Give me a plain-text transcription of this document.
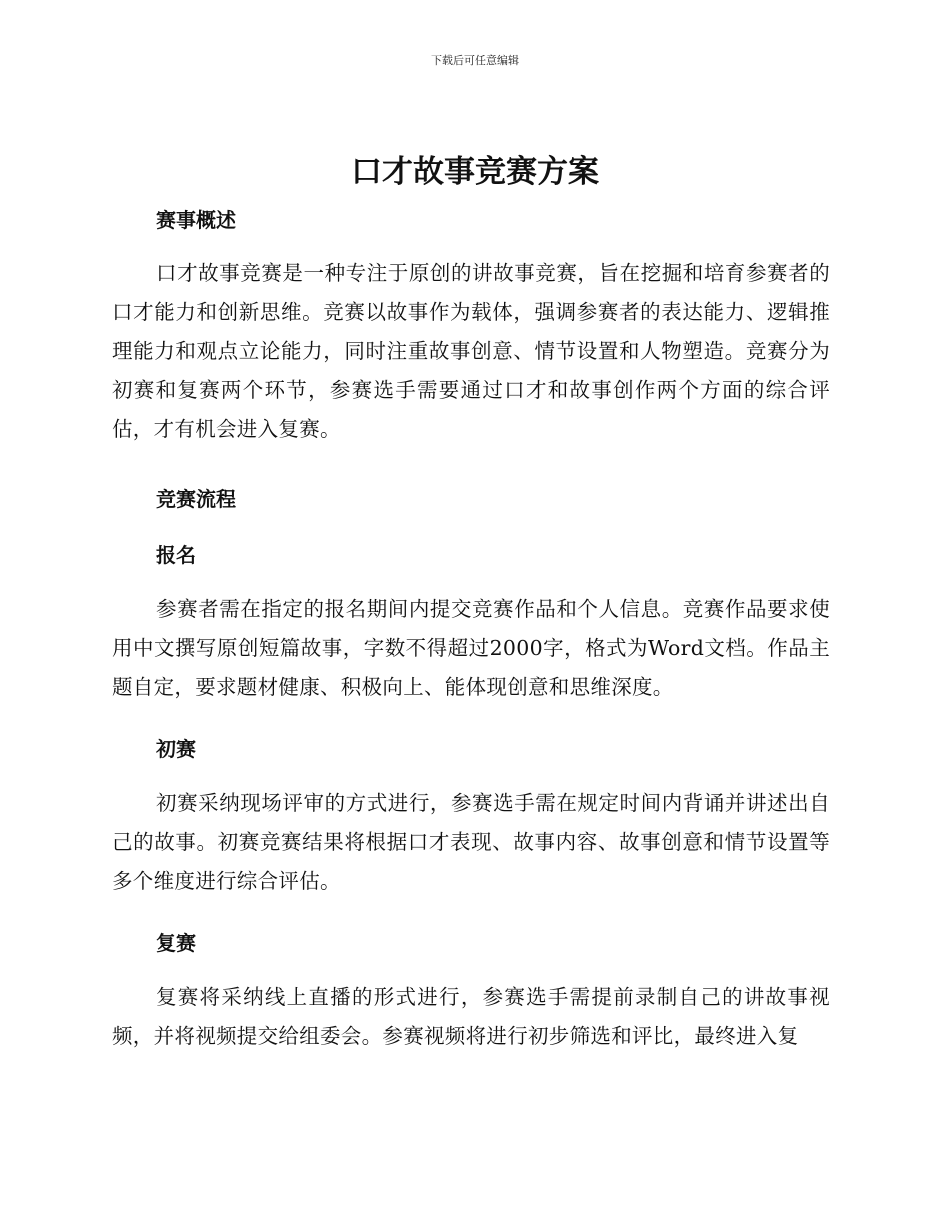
下载后可任意编辑
口才故事竞赛方案
赛事概述

口才故事竞赛是一种专注于原创的讲故事竞赛，旨在挖掘和培育参赛者的口才能力和创新思维。竞赛以故事作为载体，强调参赛者的表达能力、逻辑推理能力和观点立论能力，同时注重故事创意、情节设置和人物塑造。竞赛分为初赛和复赛两个环节，参赛选手需要通过口才和故事创作两个方面的综合评估，才有机会进入复赛。

竞赛流程
报名

参赛者需在指定的报名期间内提交竞赛作品和个人信息。竞赛作品要求使用中文撰写原创短篇故事，字数不得超过2000字，格式为Word文档。作品主题自定，要求题材健康、积极向上、能体现创意和思维深度。

初赛

初赛采纳现场评审的方式进行，参赛选手需在规定时间内背诵并讲述出自己的故事。初赛竞赛结果将根据口才表现、故事内容、故事创意和情节设置等多个维度进行综合评估。

复赛

复赛将采纳线上直播的形式进行，参赛选手需提前录制自己的讲故事视频，并将视频提交给组委会。参赛视频将进行初步筛选和评比，最终进入复
